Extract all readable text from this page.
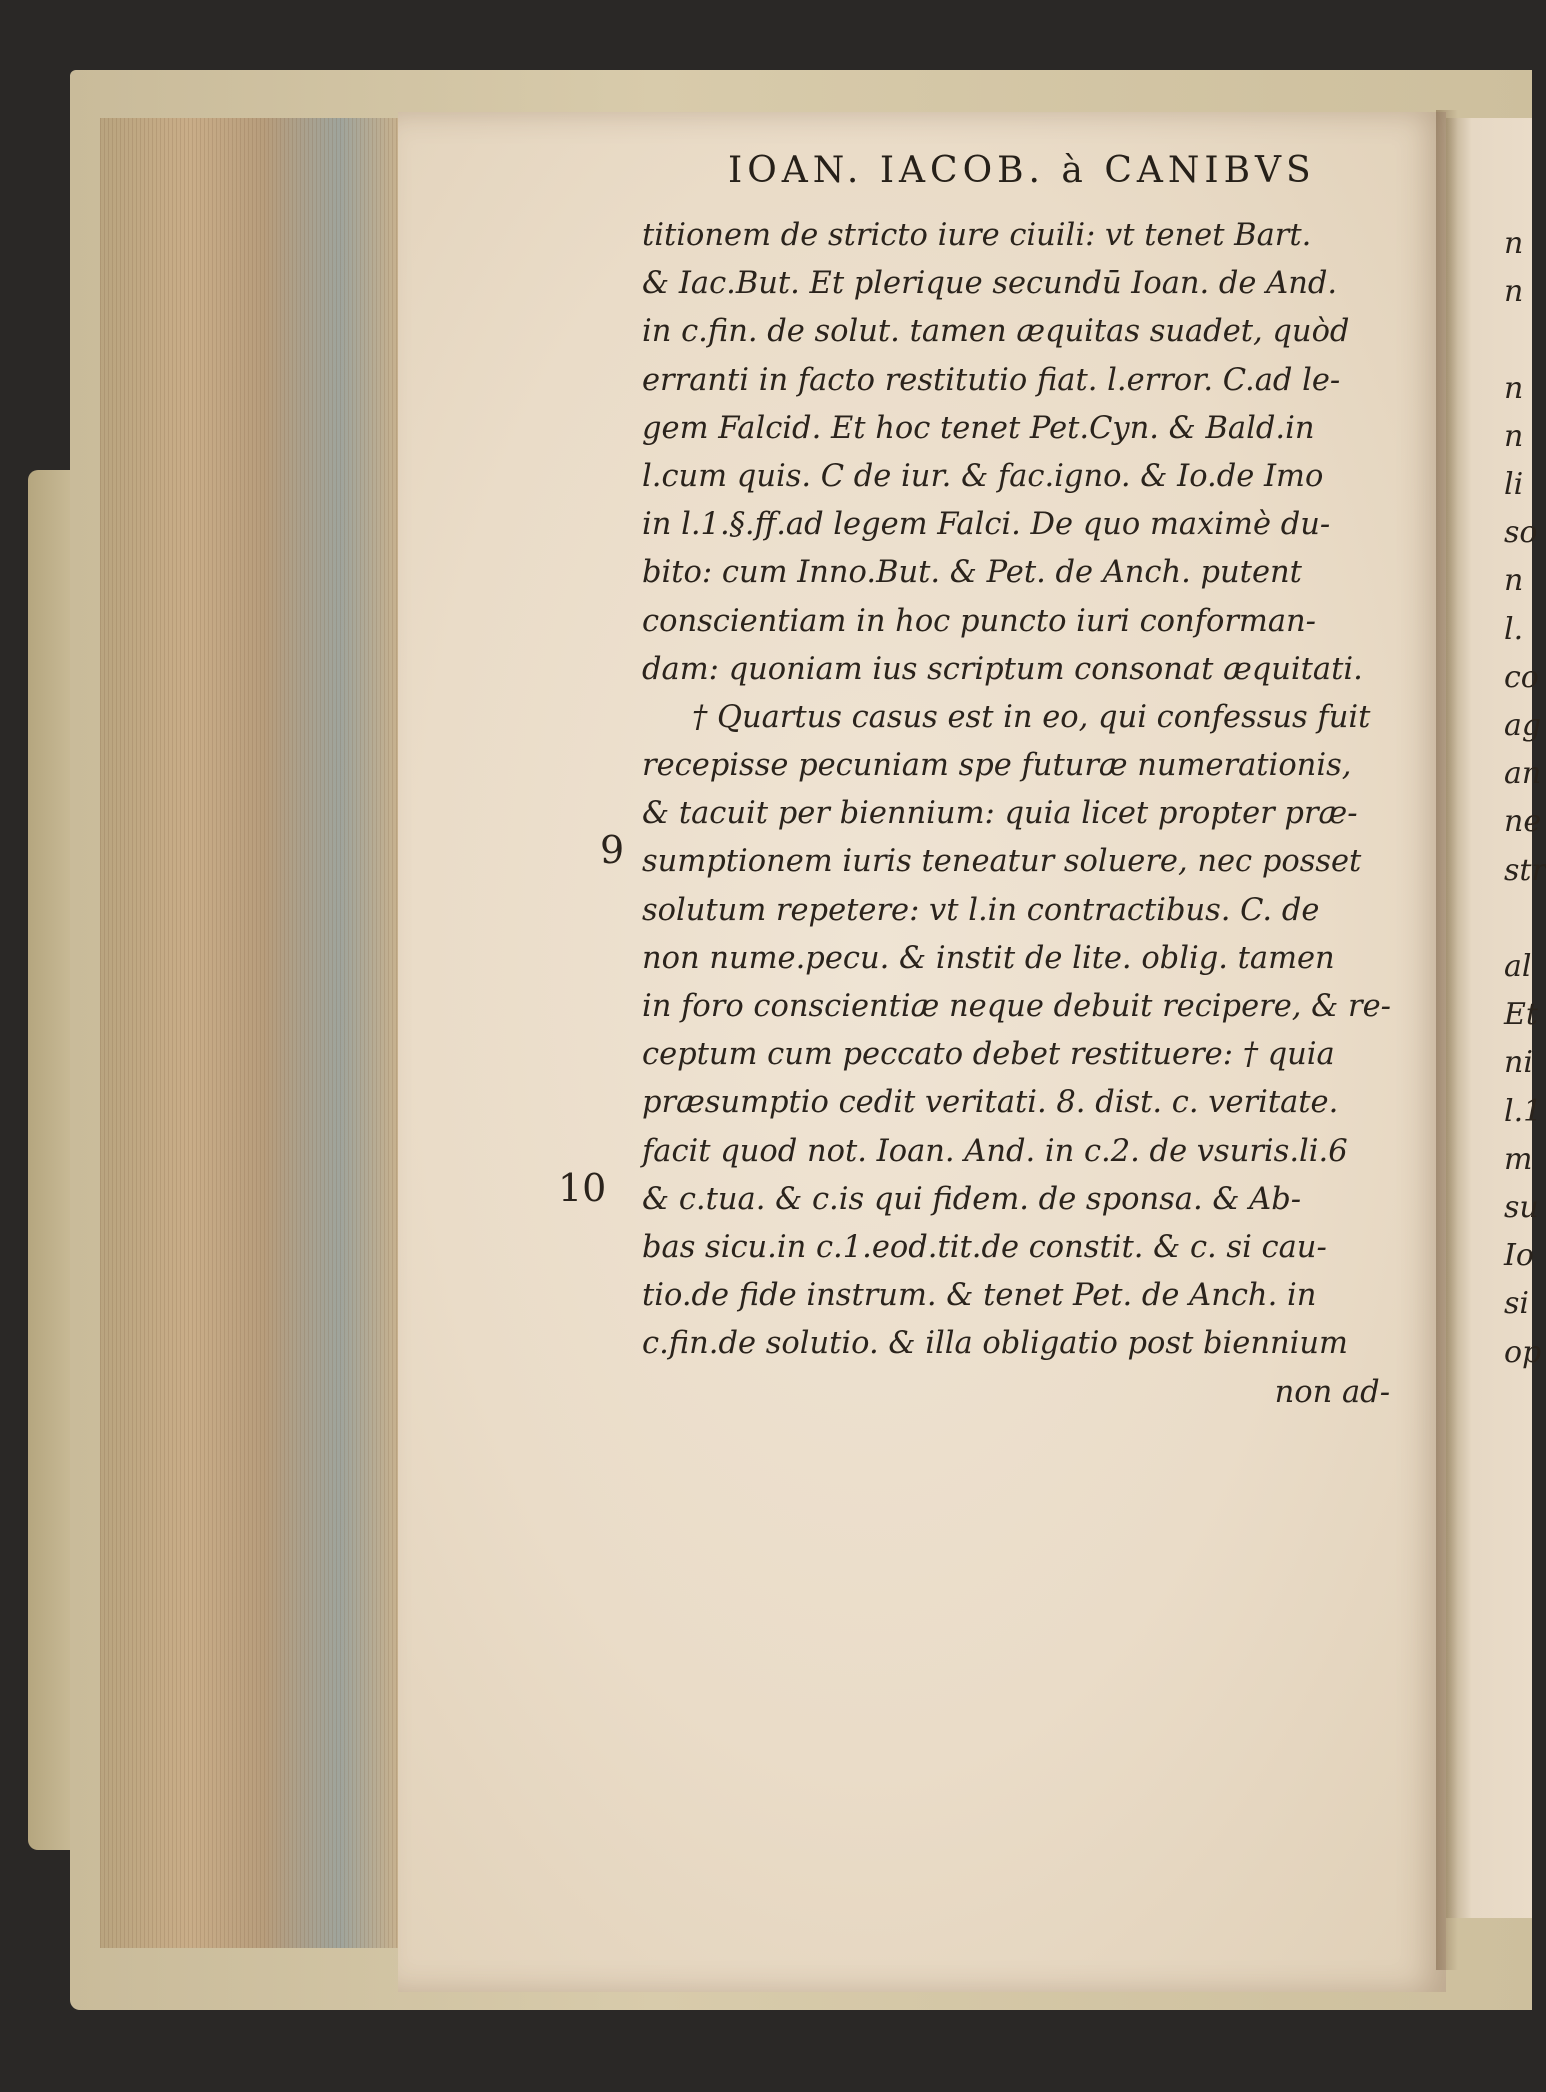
n
n
n
n
li
so
n
l.
co
ag
an
ne
str
al
Et
ni
l.1
m
su
Io
si
op
IOAN. IACOB. à CANIBVS
9
10
titionem de stricto iure ciuili: vt tenet Bart.
& Iac.But. Et plerique secundū Ioan. de And.
in c.fin. de solut. tamen æquitas suadet, quòd
erranti in facto restitutio fiat. l.error. C.ad le-
gem Falcid. Et hoc tenet Pet.Cyn. & Bald.in
l.cum quis. C de iur. & fac.igno. & Io.de Imo
in l.1.§.ff.ad legem Falci. De quo maximè du-
bito: cum Inno.But. & Pet. de Anch. putent
conscientiam in hoc puncto iuri conforman-
dam: quoniam ius scriptum consonat æquitati.
† Quartus casus est in eo, qui confessus fuit
recepisse pecuniam spe futuræ numerationis,
& tacuit per biennium: quia licet propter præ-
sumptionem iuris teneatur soluere, nec posset
solutum repetere: vt l.in contractibus. C. de
non nume.pecu. & instit de lite. oblig. tamen
in foro conscientiæ neque debuit recipere, & re-
ceptum cum peccato debet restituere: † quia
præsumptio cedit veritati. 8. dist. c. veritate.
facit quod not. Ioan. And. in c.2. de vsuris.li.6
& c.tua. & c.is qui fidem. de sponsa. & Ab-
bas sicu.in c.1.eod.tit.de constit. & c. si cau-
tio.de fide instrum. & tenet Pet. de Anch. in
c.fin.de solutio. & illa obligatio post biennium
non ad-
